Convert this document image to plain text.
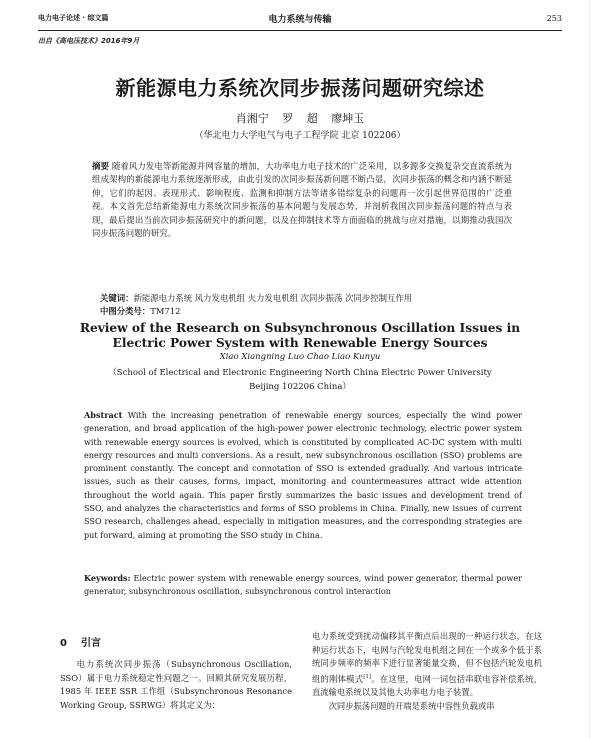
电力电子论述 · 综文篇	电力系统与传输	253
出自《高电压技术》2016年9月
新能源电力系统次同步振荡问题研究综述
肖湘宁 罗 超 廖坤玉
（华北电力大学电气与电子工程学院 北京 102206）
摘要 随着风力发电等新能源并网容量的增加，大功率电力电子技术的广泛采用，以多源多交换复杂交直流系统为组成架构的新能源电力系统逐渐形成，由此引发的次同步振荡新问题不断凸显，次同步振荡的概念和内涵不断延伸，它们的起因、表现形式、影响程度、监测和抑制方法等诸多错综复杂的问题再一次引起世界范围的广泛重视。本文首先总结新能源电力系统次同步振荡的基本问题与发展态势，并剖析我国次同步振荡问题的特点与表现，最后提出当前次同步振荡研究中的新问题，以及在抑制技术等方面面临的挑战与应对措施，以期推动我国次同步振荡问题的研究。
关键词：新能源电力系统 风力发电机组 火力发电机组 次同步振荡 次同步控制互作用
中图分类号：TM712
Review of the Research on Subsynchronous Oscillation Issues in
Electric Power System with Renewable Energy Sources
Xiao Xiangning Luo Chao Liao Kunyu
（School of Electrical and Electronic Engineering North China Electric Power University
Beijing 102206 China）
Abstract With the increasing penetration of renewable energy sources, especially the wind power generation, and broad application of the high-power power electronic technology, electric power system with renewable energy sources is evolved, which is constituted by complicated AC-DC system with multi energy resources and multi conversions. As a result, new subsynchronous oscillation (SSO) problems are prominent constantly. The concept and connotation of SSO is extended gradually. And various intricate issues, such as their causes, forms, impact, monitoring and countermeasures attract wide attention throughout the world again. This paper firstly summarizes the basic issues and development trend of SSO, and analyzes the characteristics and forms of SSO problems in China. Finally, new issues of current SSO research, challenges ahead, especially in mitigation measures, and the corresponding strategies are put forward, aiming at promoting the SSO study in China.
Keywords: Electric power system with renewable energy sources, wind power generator, thermal power generator, subsynchronous oscillation, subsynchronous control interaction
0 引言
电力系统次同步振荡（Subsynchronous Oscillation, SSO）属于电力系统稳定性问题之一。回顾其研究发展历程，1985 年 IEEE SSR 工作组（Subsynchronous Resonance Working Group, SSRWG）将其定义为：
电力系统受到扰动偏移其平衡点后出现的一种运行状态，在这种运行状态下，电网与汽轮发电机组之间在一个或多个低于系统同步频率的频率下进行显著能量交换，但不包括汽轮发电机组的刚体模式[1]。在这里，电网一词包括串联电容补偿系统，直流输电系统以及其他大功率电力电子装置。
次同步振荡问题的开端是系统中容性负载或串
